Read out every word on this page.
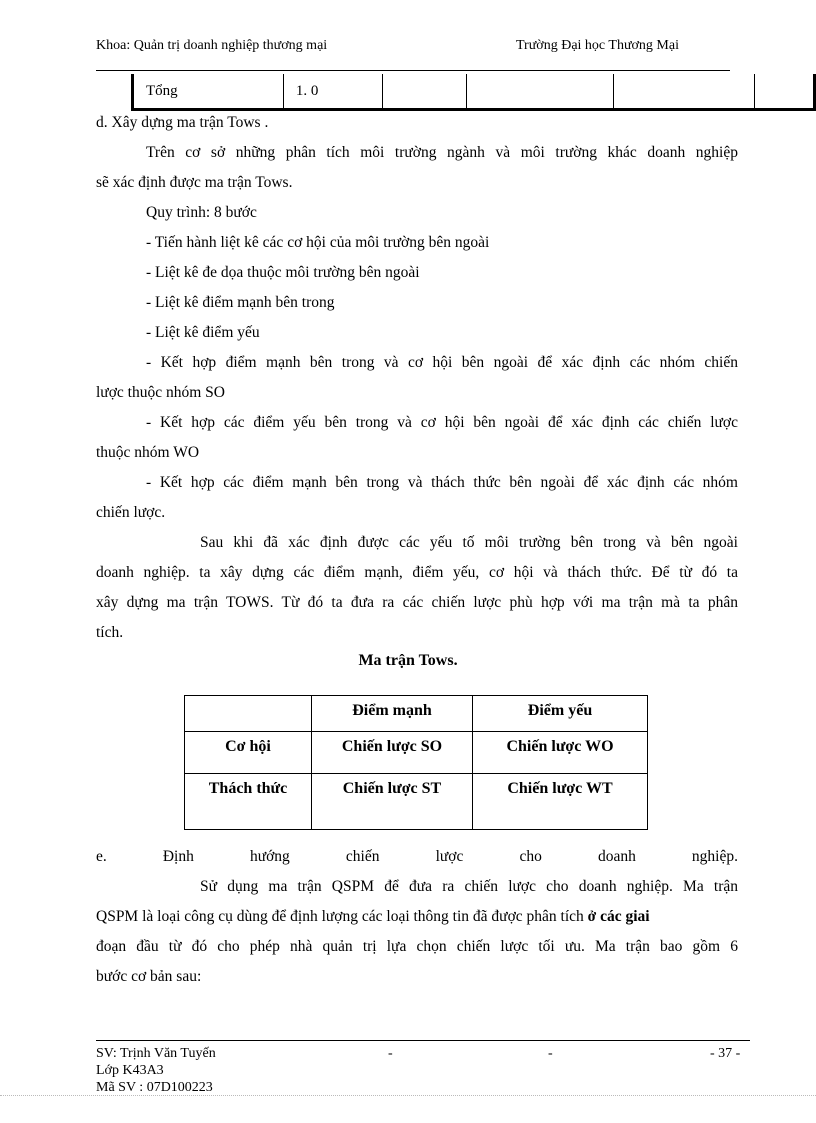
Khoa: Quản trị doanh nghiệp thương mại	Trường Đại học Thương Mại
Tổng	1. 0				
d. Xây dựng ma trận Tows .
Trên cơ sở những phân tích môi trường ngành và môi trường khác doanh nghiệp
sẽ xác định được ma trận Tows.
Quy trình: 8 bước
- Tiến hành liệt kê các cơ hội của môi trường bên ngoài
- Liệt kê đe dọa thuộc môi trường bên ngoài
- Liệt kê điểm mạnh bên trong
- Liệt kê điểm yếu
- Kết hợp điểm mạnh bên trong và cơ hội bên ngoài để xác định các nhóm chiến
lược thuộc nhóm SO
- Kết hợp các điểm yếu bên trong và cơ hội bên ngoài để xác định các chiến lược
thuộc nhóm WO
- Kết hợp các điểm mạnh bên trong và thách thức bên ngoài để xác định các nhóm
chiến lược.
Sau khi đã xác định được các yếu tố môi trường bên trong và bên ngoài
doanh nghiệp. ta xây dựng các điểm mạnh, điểm yếu, cơ hội và thách thức. Để từ đó ta
xây dựng ma trận TOWS. Từ đó ta đưa ra các chiến lược phù hợp với ma trận mà ta phân
tích.
Ma trận Tows.
	Điểm mạnh	Điểm yếu
Cơ hội	Chiến lược SO	Chiến lược WO
Thách thức	Chiến lược ST	Chiến lược WT
e. Định hướng chiến lược cho doanh nghiệp.
Sử dụng ma trận QSPM để đưa ra chiến lược cho doanh nghiệp. Ma trận
QSPM là loại công cụ dùng để định lượng các loại thông tin đã được phân tích ở các giai
đoạn đầu từ đó cho phép nhà quản trị lựa chọn chiến lược tối ưu. Ma trận bao gồm 6
bước cơ bản sau:
SV: Trịnh Văn Tuyến	-	-	- 37 -
Lớp K43A3
Mã SV : 07D100223
